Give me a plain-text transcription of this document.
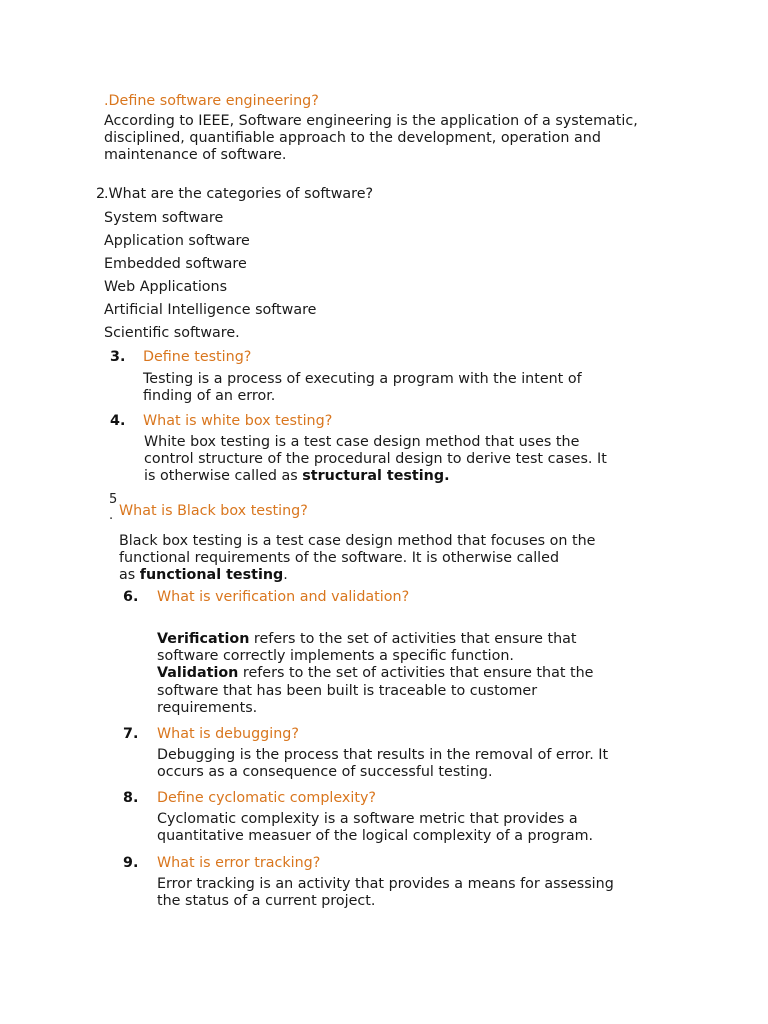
.Define software engineering?
According to IEEE, Software engineering is the application of a systematic,
disciplined, quantifiable approach to the development, operation and
maintenance of software.
2
.What are the categories of software?
System software
Application software
Embedded software
Web Applications
Artificial Intelligence software
Scientific software.
3. Define testing?
Testing is a process of executing a program with the intent of
finding of an error.
4. What is white box testing?
White box testing is a test case design method that uses the
control structure of the procedural design to derive test cases. It
is otherwise called as structural testing.
5
. What is Black box testing?
Black box testing is a test case design method that focuses on the
functional requirements of the software. It is otherwise called
as functional testing.
6. What is verification and validation?
Verification refers to the set of activities that ensure that
software correctly implements a specific function.
Validation refers to the set of activities that ensure that the
software that has been built is traceable to customer
requirements.
7. What is debugging?
Debugging is the process that results in the removal of error. It
occurs as a consequence of successful testing.
8. Define cyclomatic complexity?
Cyclomatic complexity is a software metric that provides a
quantitative measuer of the logical complexity of a program.
9. What is error tracking?
Error tracking is an activity that provides a means for assessing
the status of a current project.
